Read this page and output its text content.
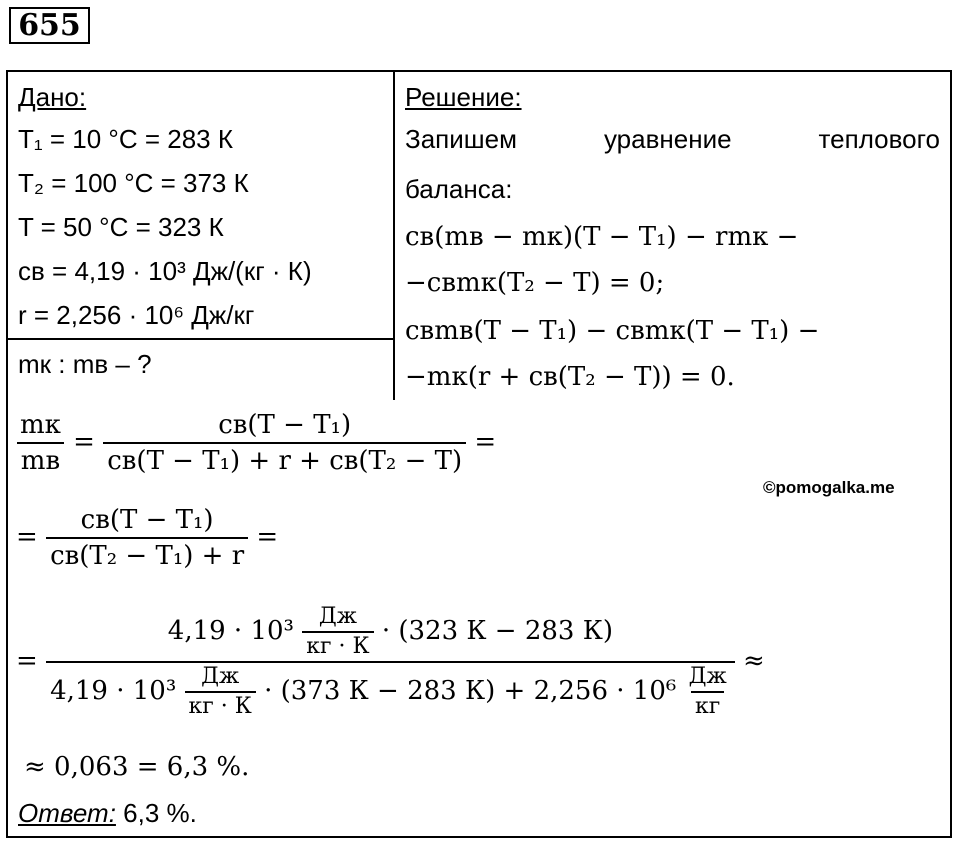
655
Дано:
T₁ = 10 °C = 283 К
T₂ = 100 °C = 373 К
T = 50 °C = 323 К
cв = 4,19 · 10³ Дж/(кг · К)
r = 2,256 · 10⁶ Дж/кг
mк : mв – ?
Решение:
Запишем уравнение теплового
баланса:
cв(mв − mк)(T − T₁) − rmк −
−cвmк(T₂ − T) = 0;
cвmв(T − T₁) − cвmк(T − T₁) −
−mк(r + cв(T₂ − T)) = 0.
$\frac{mк}{mв} = \frac{\text{cв(T − T₁)}}{\text{cв(T − T₁) + r + cв(T₂ − T)}}$ =
©pomogalka.me
= $\frac{\text{cв(T − T₁)}}{\text{cв(T₂ − T₁) + r}}$ =
=
$4,19 \cdot 10^3 \frac{Дж}{кг \cdot К} \cdot (323$ К − 283 К)
$4,19 \cdot 10^3 \frac{Дж}{кг \cdot К} \cdot (373$ К − 283 $К) + 2,256 \cdot 10^6 \frac{Дж}{кг}$
≈
≈ 0,063 = 6,3 %.
Ответ: 6,3 %.
